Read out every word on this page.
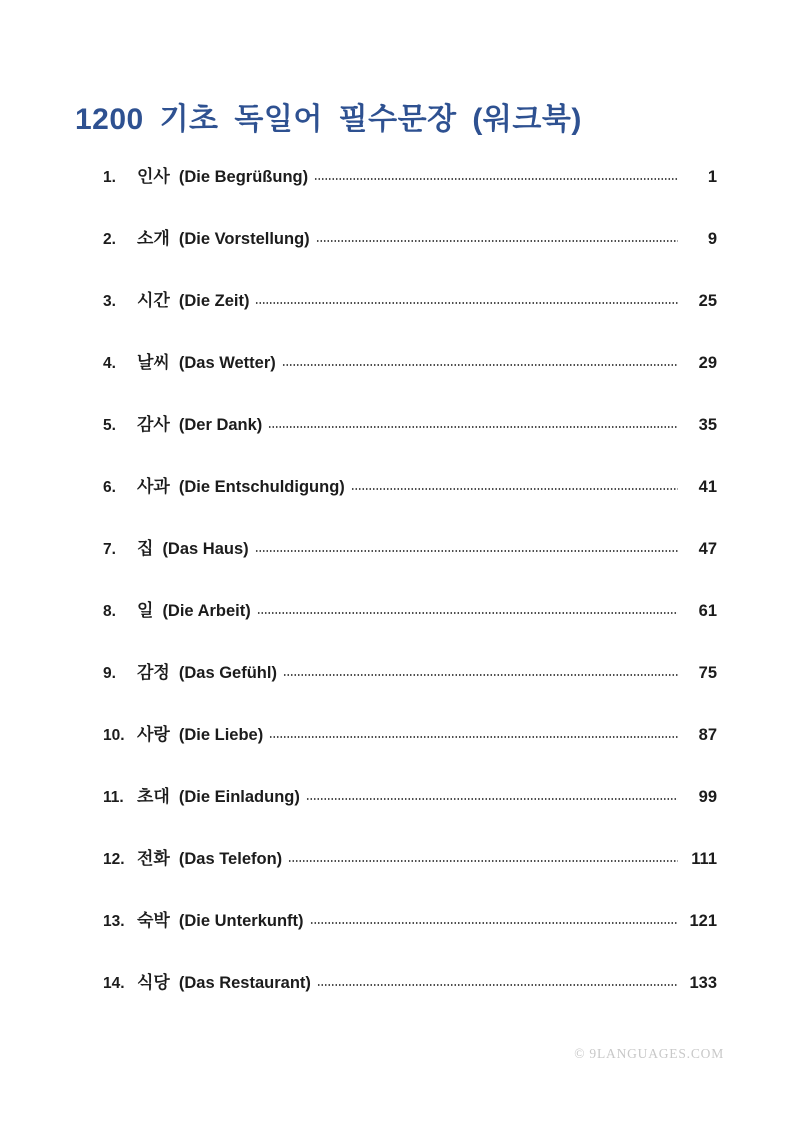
1200 기초 독일어 필수문장 (워크북)
1.	인사 (Die Begrüßung)	1
2.	소개 (Die Vorstellung)	9
3.	시간 (Die Zeit)	25
4.	날씨 (Das Wetter)	29
5.	감사 (Der Dank)	35
6.	사과 (Die Entschuldigung)	41
7.	집 (Das Haus)	47
8.	일 (Die Arbeit)	61
9.	감정 (Das Gefühl)	75
10. 사랑 (Die Liebe)	87
11. 초대 (Die Einladung)	99
12. 전화 (Das Telefon)	111
13. 숙박 (Die Unterkunft)	121
14. 식당 (Das Restaurant)	133
© 9LANGUAGES.COM
